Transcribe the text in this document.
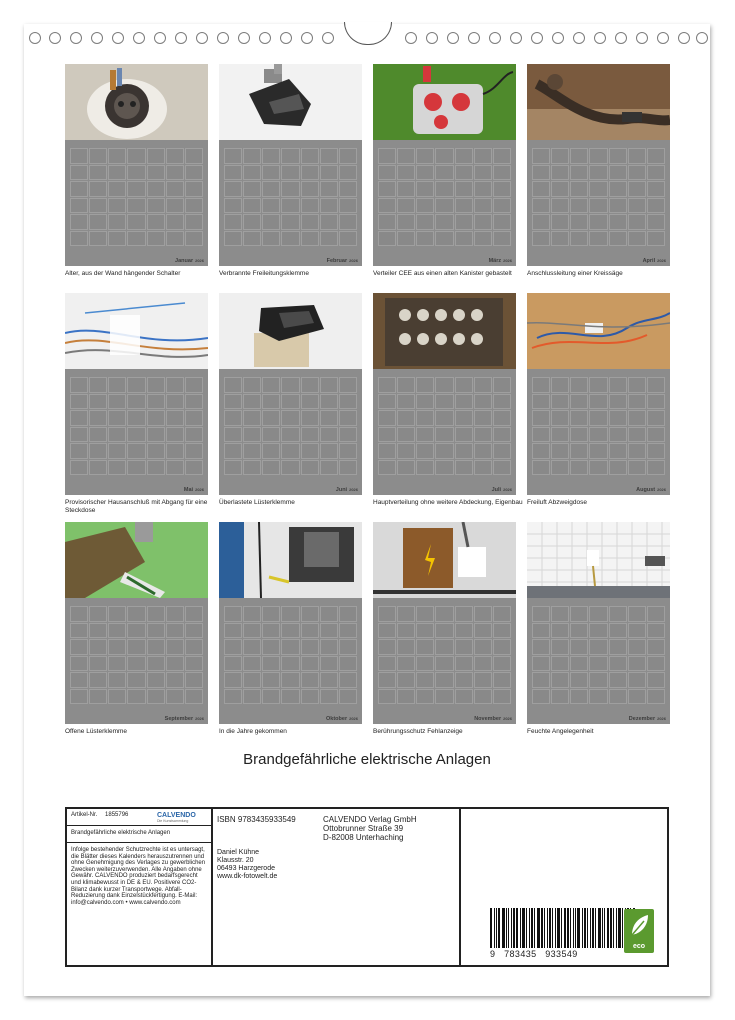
Januar 2026
Alter, aus der Wand hängender Schalter
Februar 2026
Verbrannte Freileitungsklemme
März 2026
Verteiler CEE aus einen alten Kanister gebastelt
April 2026
Anschlussleitung einer Kreissäge
Mai 2026
Provisorischer Hausanschluß mit Abgang für eine Steckdose
Juni 2026
Überlastete Lüsterklemme
Juli 2026
Hauptverteilung ohne weitere Abdeckung, Eigenbau
August 2026
Freiluft Abzweigdose
September 2026
Offene Lüsterklemme
Oktober 2026
In die Jahre gekommen
November 2026
Berührungsschutz Fehlanzeige
Dezember 2026
Feuchte Angelegenheit
Brandgefährliche elektrische Anlagen
Artikel-Nr. 1855796	CALVENDO
Die Kunstsammlung
Brandgefährliche elektrische Anlagen
Infolge bestehender Schutzrechte ist es untersagt, die Blätter dieses Kalenders herauszutrennen und ohne Genehmigung des Verlages zu gewerblichen Zwecken weiterzuverwenden. Alle Angaben ohne Gewähr. CALVENDO produziert bedarfsgerecht und klimabewusst in DE & EU. Positivere CO2-Bilanz dank kurzer Transportwege. Abfall-Reduzierung dank Einzelstückfertigung. E-Mail: info@calvendo.com • www.calvendo.com
ISBN 9783435933549	CALVENDO Verlag GmbH
Ottobrunner Straße 39
D-82008 Unterhaching
Daniel Kühne
Klausstr. 20
06493 Harzgerode
www.dk-fotowelt.de
9   783435   933549
eco
